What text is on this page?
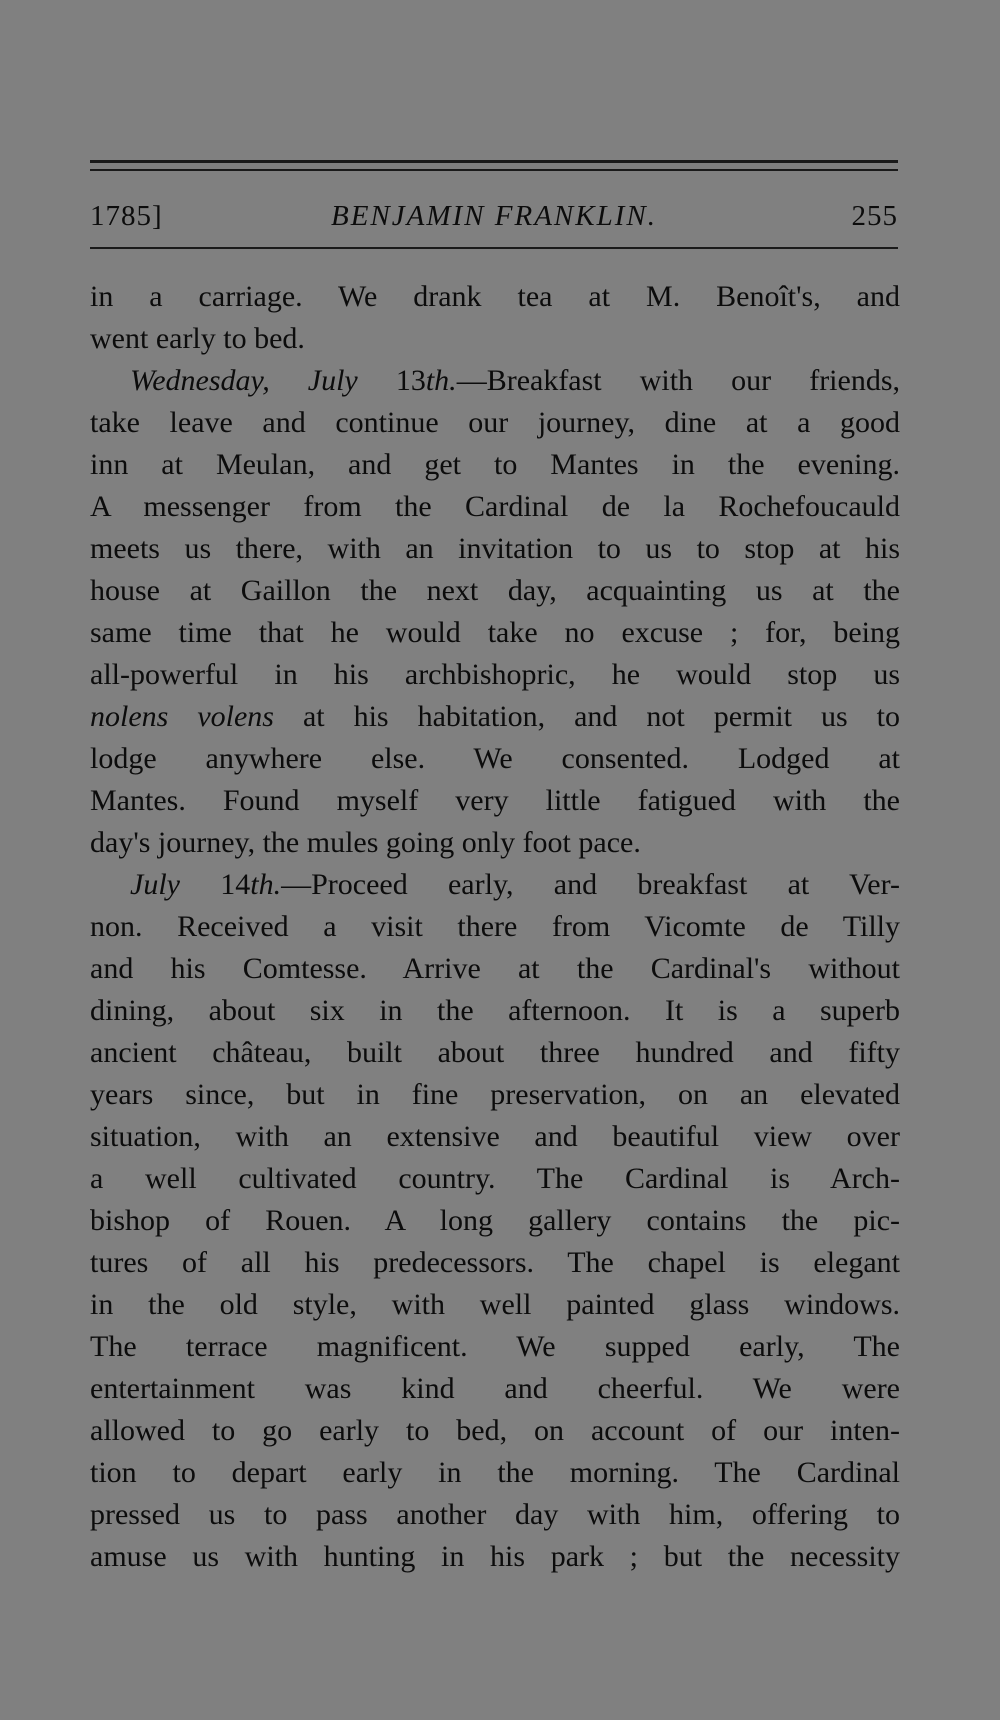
1785]	BENJAMIN FRANKLIN.	255
in a carriage. We drank tea at M. Benoît's, and
went early to bed.
Wednesday, July 13th.—Breakfast with our friends,
take leave and continue our journey, dine at a good
inn at Meulan, and get to Mantes in the evening.
A messenger from the Cardinal de la Rochefoucauld
meets us there, with an invitation to us to stop at his
house at Gaillon the next day, acquainting us at the
same time that he would take no excuse ; for, being
all-powerful in his archbishopric, he would stop us
nolens volens at his habitation, and not permit us to
lodge anywhere else. We consented. Lodged at
Mantes. Found myself very little fatigued with the
day's journey, the mules going only foot pace.
July 14th.—Proceed early, and breakfast at Ver-
non. Received a visit there from Vicomte de Tilly
and his Comtesse. Arrive at the Cardinal's without
dining, about six in the afternoon. It is a superb
ancient château, built about three hundred and fifty
years since, but in fine preservation, on an elevated
situation, with an extensive and beautiful view over
a well cultivated country. The Cardinal is Arch-
bishop of Rouen. A long gallery contains the pic-
tures of all his predecessors. The chapel is elegant
in the old style, with well painted glass windows.
The terrace magnificent. We supped early, The
entertainment was kind and cheerful. We were
allowed to go early to bed, on account of our inten-
tion to depart early in the morning. The Cardinal
pressed us to pass another day with him, offering to
amuse us with hunting in his park ; but the necessity
